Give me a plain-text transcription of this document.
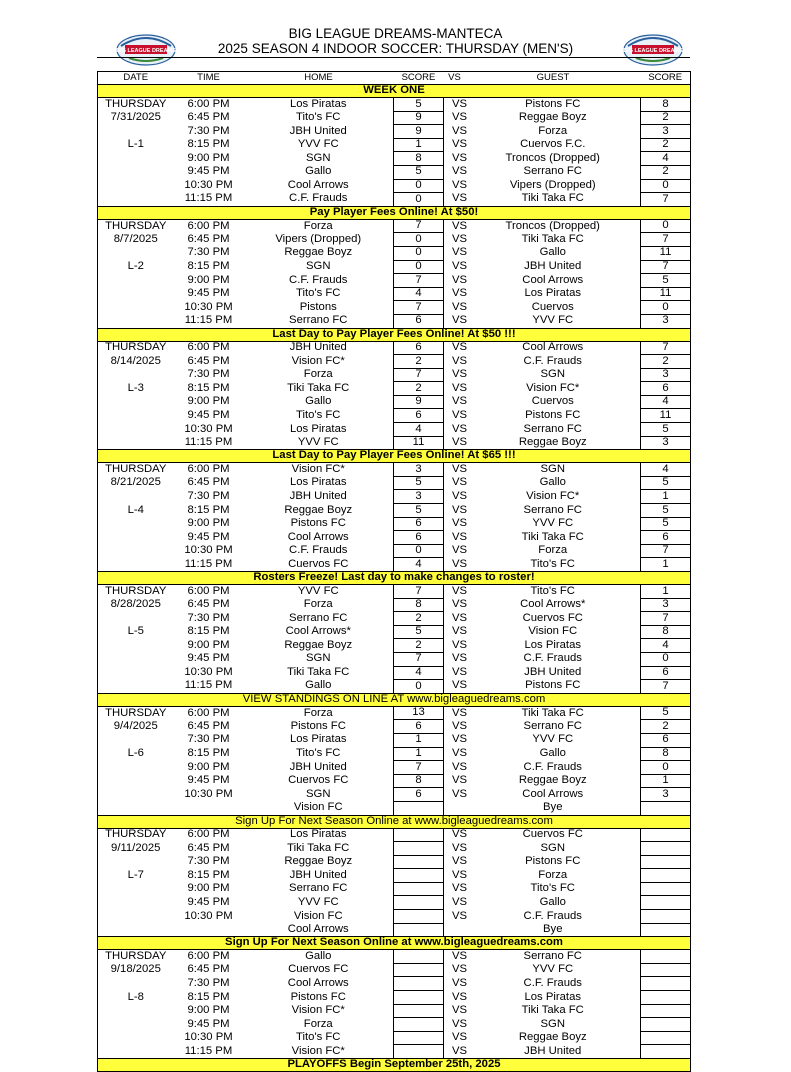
BIG LEAGUE DREAMS	BIG LEAGUE DREAMS
BIG LEAGUE DREAMS-MANTECA
2025 SEASON 4 INDOOR SOCCER: THURSDAY (MEN'S)
DATE	TIME	HOME	SCORE	VS	GUEST	SCORE
WEEK ONE						
THURSDAY	6:00 PM	Los Piratas	5	VS	Pistons FC	8
7/31/2025	6:45 PM	Tito's FC	9	VS	Reggae Boyz	2
	7:30 PM	JBH United	9	VS	Forza	3
L-1	8:15 PM	YVV FC	1	VS	Cuervos F.C.	2
	9:00 PM	SGN	8	VS	Troncos (Dropped)	4
	9:45 PM	Gallo	5	VS	Serrano FC	2
	10:30 PM	Cool Arrows	0	VS	Vipers (Dropped)	0
	11:15 PM	C.F. Frauds	0	VS	Tiki Taka FC	7
Pay Player Fees Online! At $50!						
THURSDAY	6:00 PM	Forza	7	VS	Troncos (Dropped)	0
8/7/2025	6:45 PM	Vipers (Dropped)	0	VS	Tiki Taka FC	7
	7:30 PM	Reggae Boyz	0	VS	Gallo	11
L-2	8:15 PM	SGN	0	VS	JBH United	7
	9:00 PM	C.F. Frauds	7	VS	Cool Arrows	5
	9:45 PM	Tito's FC	4	VS	Los Piratas	11
	10:30 PM	Pistons	7	VS	Cuervos	0
	11:15 PM	Serrano FC	6	VS	YVV FC	3
Last Day to Pay Player Fees Online! At $50 !!!						
THURSDAY	6:00 PM	JBH United	6	VS	Cool Arrows	7
8/14/2025	6:45 PM	Vision FC*	2	VS	C.F. Frauds	2
	7:30 PM	Forza	7	VS	SGN	3
L-3	8:15 PM	Tiki Taka FC	2	VS	Vision FC*	6
	9:00 PM	Gallo	9	VS	Cuervos	4
	9:45 PM	Tito's FC	6	VS	Pistons FC	11
	10:30 PM	Los Piratas	4	VS	Serrano FC	5
	11:15 PM	YVV FC	11	VS	Reggae Boyz	3
Last Day to Pay Player Fees Online! At $65 !!!						
THURSDAY	6:00 PM	Vision FC*	3	VS	SGN	4
8/21/2025	6:45 PM	Los Piratas	5	VS	Gallo	5
	7:30 PM	JBH United	3	VS	Vision FC*	1
L-4	8:15 PM	Reggae Boyz	5	VS	Serrano FC	5
	9:00 PM	Pistons FC	6	VS	YVV FC	5
	9:45 PM	Cool Arrows	6	VS	Tiki Taka FC	6
	10:30 PM	C.F. Frauds	0	VS	Forza	7
	11:15 PM	Cuervos FC	4	VS	Tito's FC	1
Rosters Freeze! Last day to make changes to roster!						
THURSDAY	6:00 PM	YVV FC	7	VS	Tito's FC	1
8/28/2025	6:45 PM	Forza	8	VS	Cool Arrows*	3
	7:30 PM	Serrano FC	2	VS	Cuervos FC	7
L-5	8:15 PM	Cool Arrows*	5	VS	Vision FC	8
	9:00 PM	Reggae Boyz	2	VS	Los Piratas	4
	9:45 PM	SGN	7	VS	C.F. Frauds	0
	10:30 PM	Tiki Taka FC	4	VS	JBH United	6
	11:15 PM	Gallo	0	VS	Pistons FC	7
VIEW STANDINGS ON LINE AT www.bigleaguedreams.com						
THURSDAY	6:00 PM	Forza	13	VS	Tiki Taka FC	5
9/4/2025	6:45 PM	Pistons FC	6	VS	Serrano FC	2
	7:30 PM	Los Piratas	1	VS	YVV FC	6
L-6	8:15 PM	Tito's FC	1	VS	Gallo	8
	9:00 PM	JBH United	7	VS	C.F. Frauds	0
	9:45 PM	Cuervos FC	8	VS	Reggae Boyz	1
	10:30 PM	SGN	6	VS	Cool Arrows	3
		Vision FC			Bye	
Sign Up For Next Season Online at www.bigleaguedreams.com						
THURSDAY	6:00 PM	Los Piratas		VS	Cuervos FC	
9/11/2025	6:45 PM	Tiki Taka FC		VS	SGN	
	7:30 PM	Reggae Boyz		VS	Pistons FC	
L-7	8:15 PM	JBH United		VS	Forza	
	9:00 PM	Serrano FC		VS	Tito's FC	
	9:45 PM	YVV FC		VS	Gallo	
	10:30 PM	Vision FC		VS	C.F. Frauds	
		Cool Arrows			Bye	
Sign Up For Next Season Online at www.bigleaguedreams.com						
THURSDAY	6:00 PM	Gallo		VS	Serrano FC	
9/18/2025	6:45 PM	Cuervos FC		VS	YVV FC	
	7:30 PM	Cool Arrows		VS	C.F. Frauds	
L-8	8:15 PM	Pistons FC		VS	Los Piratas	
	9:00 PM	Vision FC*		VS	Tiki Taka FC	
	9:45 PM	Forza		VS	SGN	
	10:30 PM	Tito's FC		VS	Reggae Boyz	
	11:15 PM	Vision FC*		VS	JBH United	
PLAYOFFS Begin September 25th, 2025						
